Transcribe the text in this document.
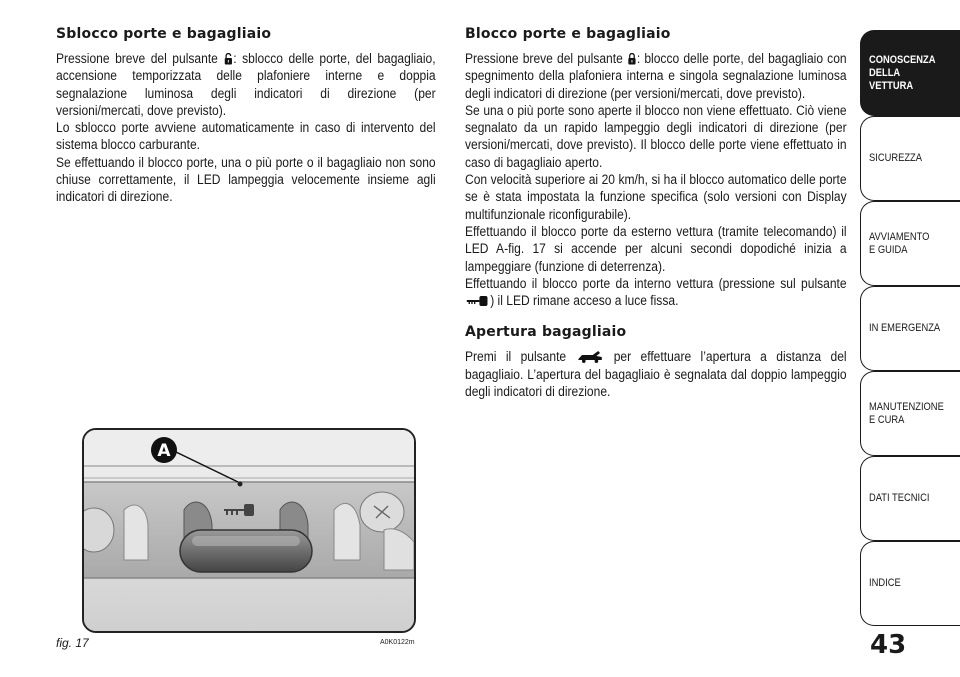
Sblocco porte e bagagliaio

Pressione breve del pulsante : sblocco delle porte, del bagagliaio, accensione temporizzata delle plafoniere interne e doppia segnalazione luminosa degli indicatori di direzione (per versioni/mercati, dove previsto).

Lo sblocco porte avviene automaticamente in caso di intervento del sistema blocco carburante.

Se effettuando il blocco porte, una o più porte o il bagagliaio non sono chiuse correttamente, il LED lampeggia velocemente insieme agli indicatori di direzione.

Blocco porte e bagagliaio

Pressione breve del pulsante : blocco delle porte, del bagagliaio con spegnimento della plafoniera interna e singola segnalazione luminosa degli indicatori di direzione (per versioni/mercati, dove previsto).

Se una o più porte sono aperte il blocco non viene effettuato. Ciò viene segnalato da un rapido lampeggio degli indicatori di direzione (per versioni/mercati, dove previsto). Il blocco delle porte viene effettuato in caso di bagagliaio aperto.

Con velocità superiore ai 20 km/h, si ha il blocco automatico delle porte se è stata impostata la funzione specifica (solo versioni con Display multifunzionale riconfigurabile).

Effettuando il blocco porte da esterno vettura (tramite telecomando) il LED A-fig. 17 si accende per alcuni secondi dopodiché inizia a lampeggiare (funzione di deterrenza).

Effettuando il blocco porte da interno vettura (pressione sul pulsante ) il LED rimane acceso a luce fissa.

Apertura bagagliaio

Premi il pulsante	per effettuare l’apertura a distanza del bagagliaio. L’apertura del bagagliaio è segnalata dal doppio lampeggio degli indicatori di direzione.

A
fig. 17	A0K0122m
CONOSCENZA
DELLA
VETTURA
SICUREZZA
AVVIAMENTO
E GUIDA
IN EMERGENZA
MANUTENZIONE
E CURA
DATI TECNICI
INDICE
43
